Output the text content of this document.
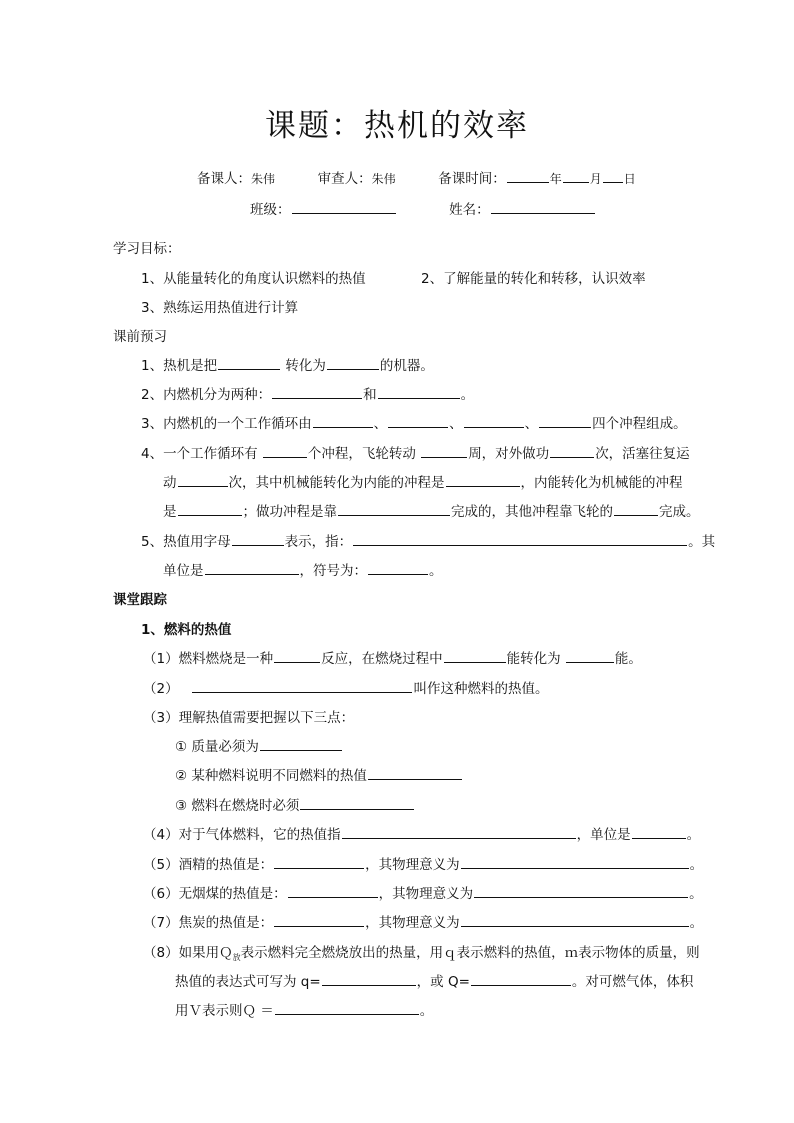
课题：热机的效率
备课人：朱伟	审查人：朱伟	备课时间：	年 月 日
班级：	姓名：
学习目标：
1、从能量转化的角度认识燃料的热值	2、了解能量的转化和转移，认识效率
3、熟练运用热值进行计算
课前预习
1、热机是把	转化为	的机器。
2、内燃机分为两种：	和	。
3、内燃机的一个工作循环由	、	、	、	四个冲程组成。
4、一个工作循环有	个冲程，飞轮转动	周，对外做功	次，活塞往复运
动	次，其中机械能转化为内能的冲程是	，内能转化为机械能的冲程
是	；做功冲程是靠	完成的，其他冲程靠飞轮的	完成。
5、热值用字母	表示，指：	。其
单位是	，符号为：	。
课堂跟踪
1、燃料的热值
（1）燃料燃烧是一种	反应，在燃烧过程中	能转化为	能。
（2）	叫作这种燃料的热值。
（3）理解热值需要把握以下三点：
① 质量必须为
② 某种燃料说明不同燃料的热值
③ 燃料在燃烧时必须
（4）对于气体燃料，它的热值指	，单位是	。
（5）酒精的热值是：	，其物理意义为	。
（6）无烟煤的热值是：	，其物理意义为	。
（7）焦炭的热值是：	，其物理意义为	。
（8）如果用Ｑ$_放$表示燃料完全燃烧放出的热量，用ｑ表示燃料的热值，ｍ表示物体的质量，则
热值的表达式可写为 q=	，或 Q=	。对可燃气体，体积
用Ｖ表示则Ｑ ＝	。
